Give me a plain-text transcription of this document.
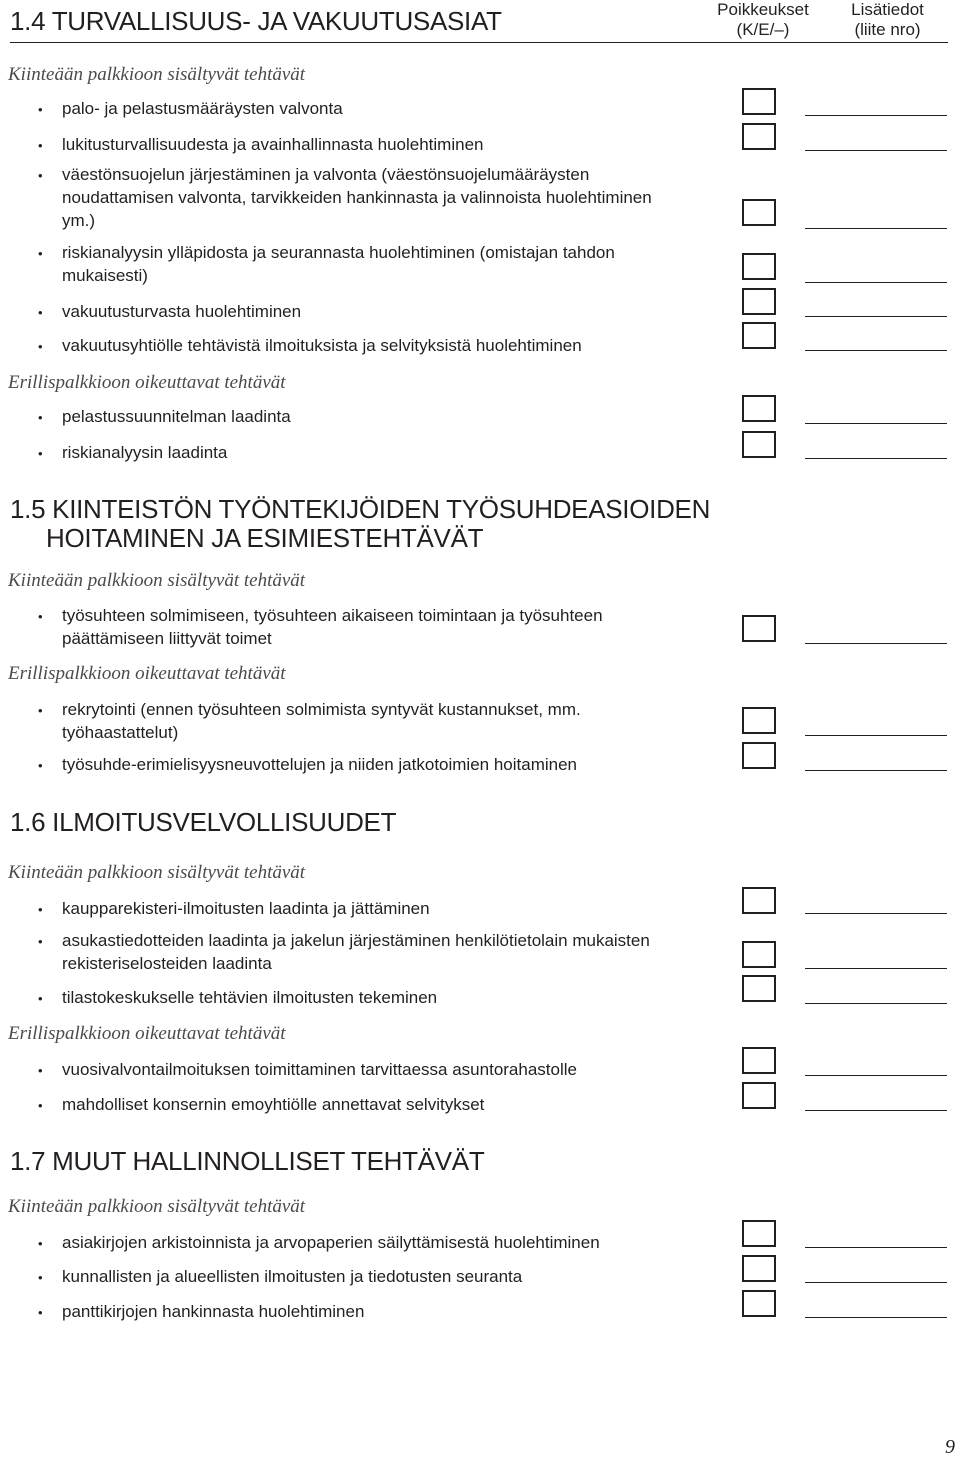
Poikkeukset
(K/E/–)
Lisätiedot
(liite nro)
1.4 TURVALLISUUS- JA VAKUUTUSASIAT
Kiinteään palkkioon sisältyvät tehtävät
• palo- ja pelastusmääräysten valvonta
• lukitusturvallisuudesta ja avainhallinnasta huolehtiminen
• väestönsuojelun järjestäminen ja valvonta (väestönsuojelumääräysten noudattamisen valvonta, tarvikkeiden hankinnasta ja valinnoista huolehtiminen ym.)
• riskianalyysin ylläpidosta ja seurannasta huolehtiminen (omistajan tahdon mukaisesti)
• vakuutusturvasta huolehtiminen
• vakuutusyhtiölle tehtävistä ilmoituksista ja selvityksistä huolehtiminen
Erillispalkkioon oikeuttavat tehtävät
• pelastussuunnitelman laadinta
• riskianalyysin laadinta
1.5 KIINTEISTÖN TYÖNTEKIJÖIDEN TYÖSUHDEASIOIDEN
HOITAMINEN JA ESIMIESTEHTÄVÄT
Kiinteään palkkioon sisältyvät tehtävät
• työsuhteen solmimiseen, työsuhteen aikaiseen toimintaan ja työsuhteen päättämiseen liittyvät toimet
Erillispalkkioon oikeuttavat tehtävät
• rekrytointi (ennen työsuhteen solmimista syntyvät kustannukset, mm. työhaastattelut)
• työsuhde-erimielisyysneuvottelujen ja niiden jatkotoimien hoitaminen
1.6 ILMOITUSVELVOLLISUUDET
Kiinteään palkkioon sisältyvät tehtävät
• kaupparekisteri-ilmoitusten laadinta ja jättäminen
• asukastiedotteiden laadinta ja jakelun järjestäminen henkilötietolain mukaisten rekisteriselosteiden laadinta
• tilastokeskukselle tehtävien ilmoitusten tekeminen
Erillispalkkioon oikeuttavat tehtävät
• vuosivalvontailmoituksen toimittaminen tarvittaessa asuntorahastolle
• mahdolliset konsernin emoyhtiölle annettavat selvitykset
1.7 MUUT HALLINNOLLISET TEHTÄVÄT
Kiinteään palkkioon sisältyvät tehtävät
• asiakirjojen arkistoinnista ja arvopaperien säilyttämisestä huolehtiminen
• kunnallisten ja alueellisten ilmoitusten ja tiedotusten seuranta
• panttikirjojen hankinnasta huolehtiminen
9
